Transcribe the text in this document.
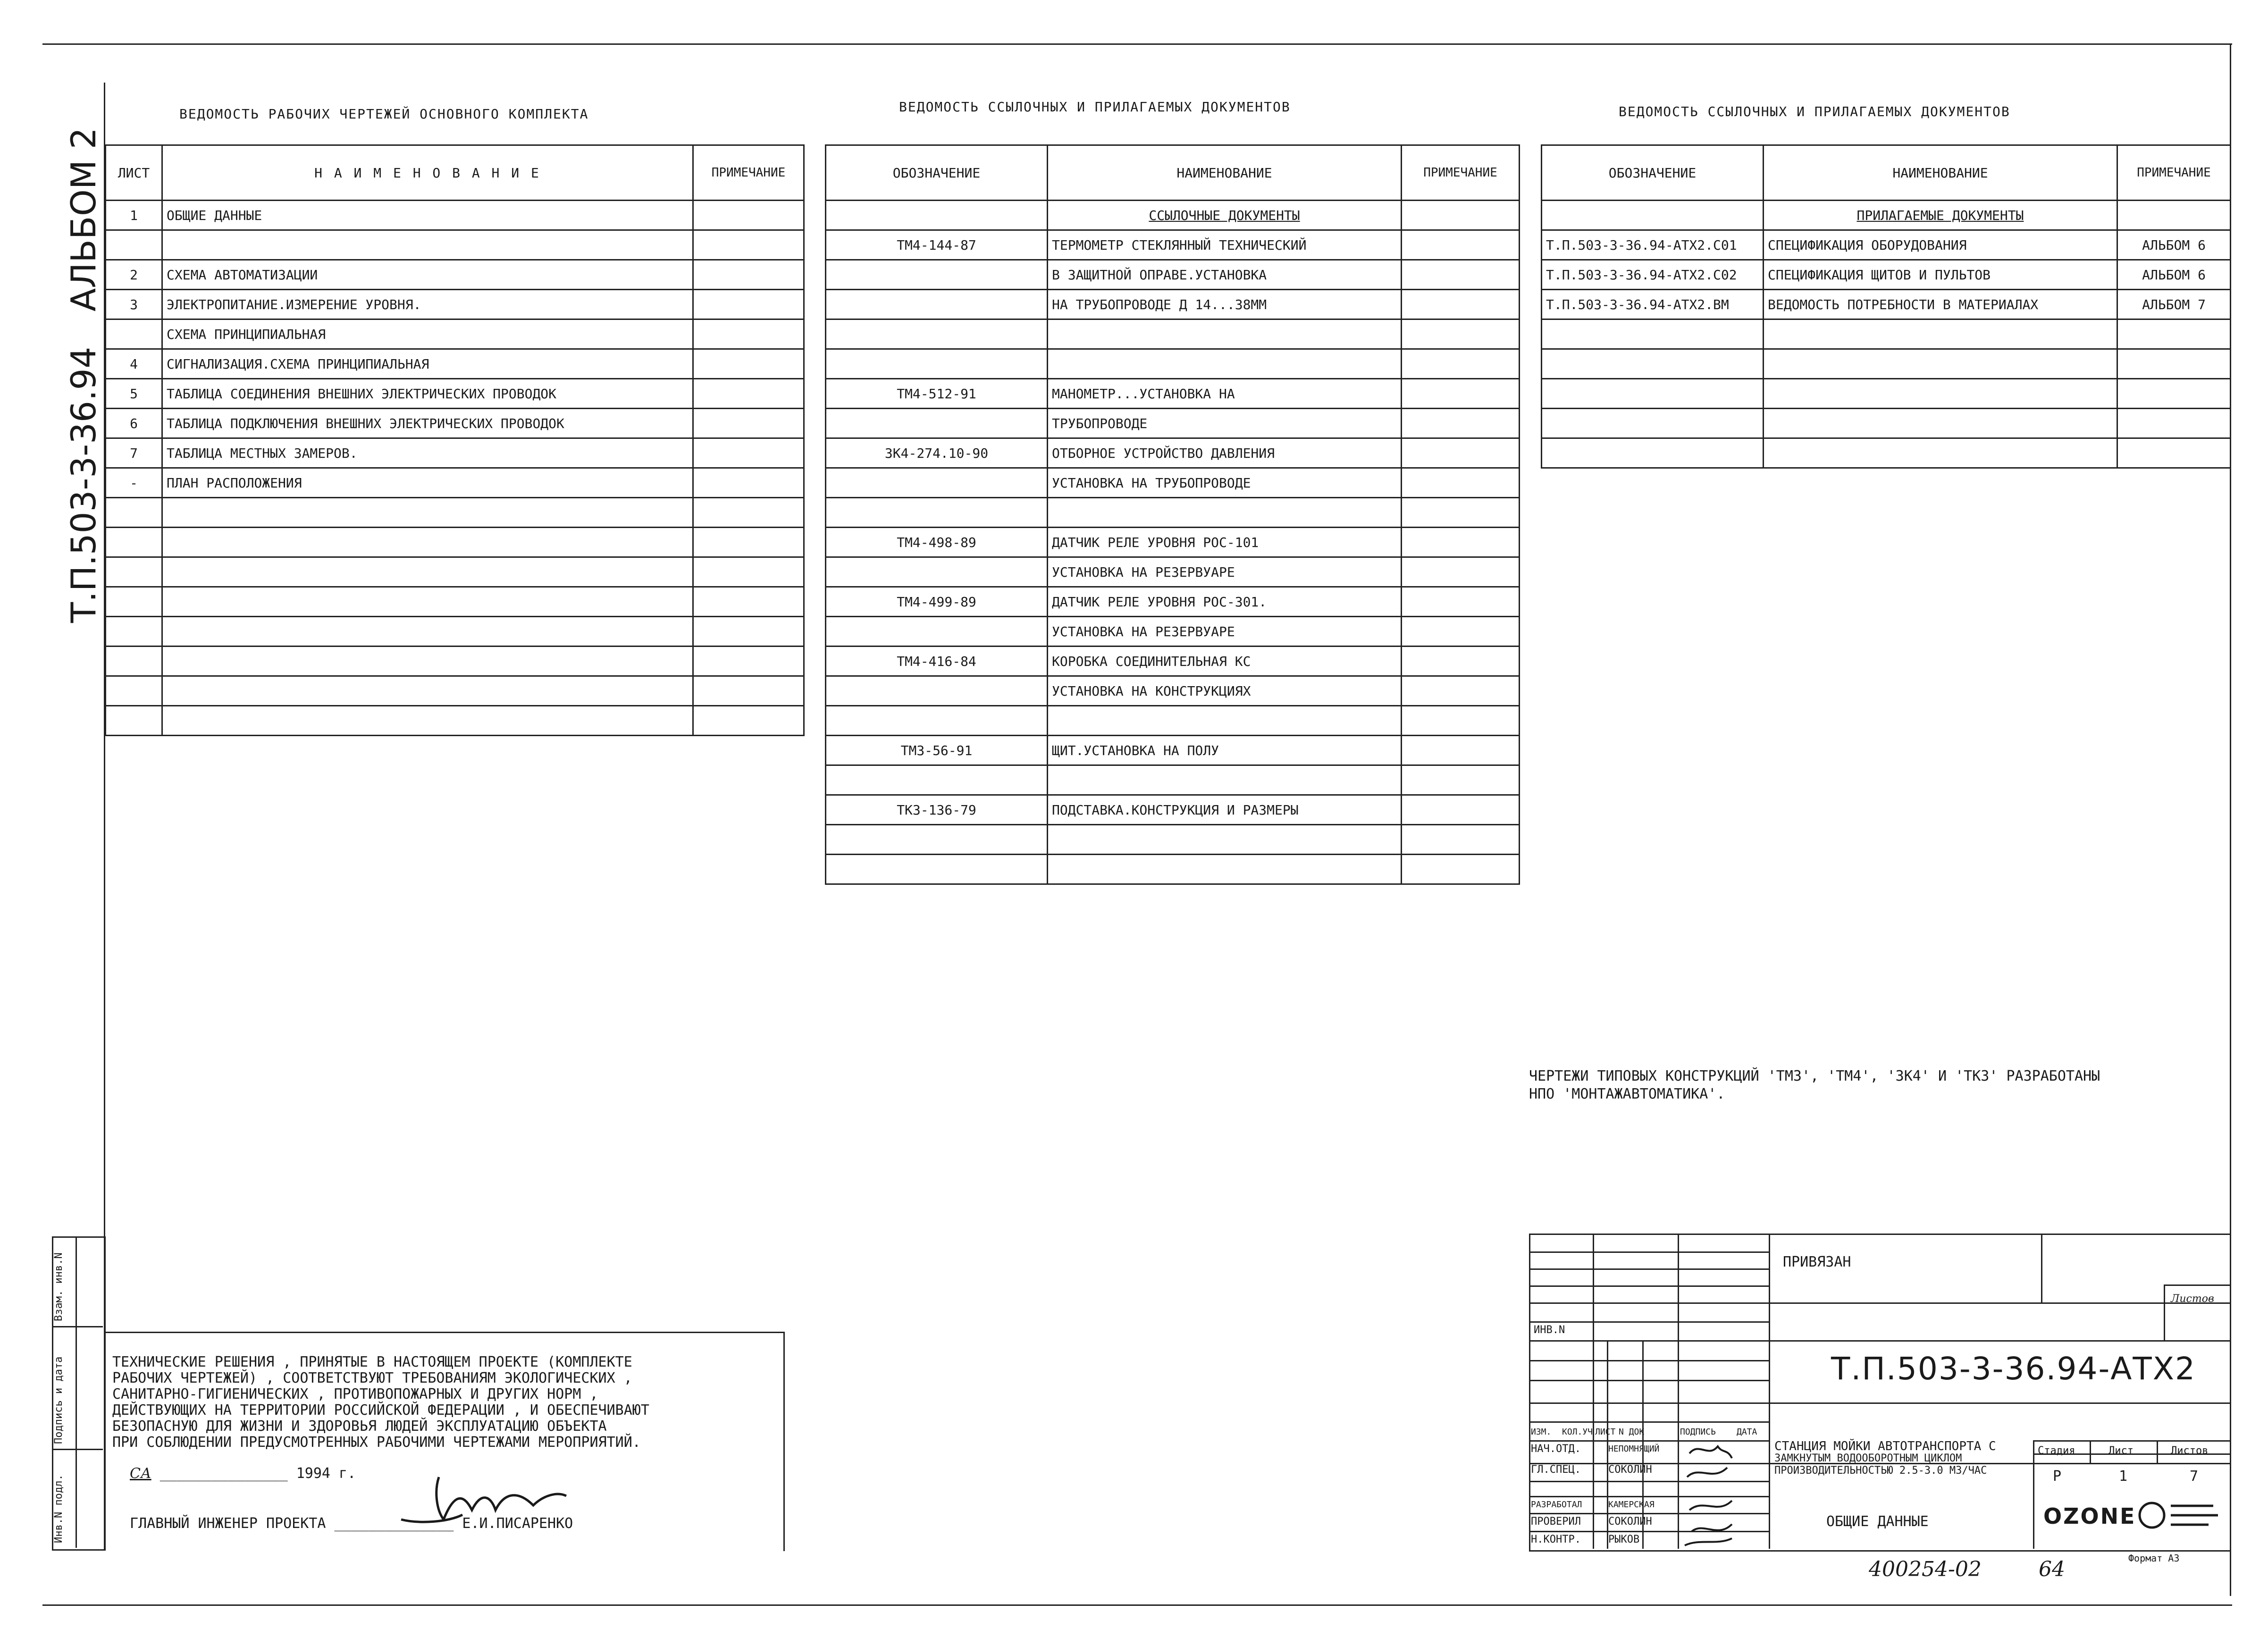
АЛЬБОМ 2
Т.П.503-3-36.94
Инв.N подл.
Подпись и дата
Взам. инв.N
ВЕДОМОСТЬ РАБОЧИХ ЧЕРТЕЖЕЙ ОСНОВНОГО КОМПЛЕКТА
ЛИСТ	Н А И М Е Н О В А Н И Е	ПРИМЕЧАНИЕ
1	ОБЩИЕ ДАННЫЕ	

2	СХЕМА АВТОМАТИЗАЦИИ	
3	ЭЛЕКТРОПИТАНИЕ.ИЗМЕРЕНИЕ УРОВНЯ.	
	СХЕМА ПРИНЦИПИАЛЬНАЯ	
4	СИГНАЛИЗАЦИЯ.СХЕМА ПРИНЦИПИАЛЬНАЯ	
5	ТАБЛИЦА СОЕДИНЕНИЯ ВНЕШНИХ ЭЛЕКТРИЧЕСКИХ ПРОВОДОК	
6	ТАБЛИЦА ПОДКЛЮЧЕНИЯ ВНЕШНИХ ЭЛЕКТРИЧЕСКИХ ПРОВОДОК	
7	ТАБЛИЦА МЕСТНЫХ ЗАМЕРОВ.	
-	ПЛАН РАСПОЛОЖЕНИЯ	

ВЕДОМОСТЬ ССЫЛОЧНЫХ И ПРИЛАГАЕМЫХ ДОКУМЕНТОВ
ОБОЗНАЧЕНИЕ	НАИМЕНОВАНИЕ	ПРИМЕЧАНИЕ
	ССЫЛОЧНЫЕ ДОКУМЕНТЫ	
ТМ4-144-87	ТЕРМОМЕТР СТЕКЛЯННЫЙ ТЕХНИЧЕСКИЙ	
	В ЗАЩИТНОЙ ОПРАВЕ.УСТАНОВКА	
	НА ТРУБОПРОВОДЕ Д 14...38ММ	

ТМ4-512-91	МАНОМЕТР...УСТАНОВКА НА	
	ТРУБОПРОВОДЕ	
ЗК4-274.10-90	ОТБОРНОЕ УСТРОЙСТВО ДАВЛЕНИЯ	
	УСТАНОВКА НА ТРУБОПРОВОДЕ	

ТМ4-498-89	ДАТЧИК РЕЛЕ УРОВНЯ РОС-101	
	УСТАНОВКА НА РЕЗЕРВУАРЕ	
ТМ4-499-89	ДАТЧИК РЕЛЕ УРОВНЯ РОС-301.	
	УСТАНОВКА НА РЕЗЕРВУАРЕ	
ТМ4-416-84	КОРОБКА СОЕДИНИТЕЛЬНАЯ КС	
	УСТАНОВКА НА КОНСТРУКЦИЯХ	

ТМ3-56-91	ЩИТ.УСТАНОВКА НА ПОЛУ	

ТК3-136-79	ПОДСТАВКА.КОНСТРУКЦИЯ И РАЗМЕРЫ	

ВЕДОМОСТЬ ССЫЛОЧНЫХ И ПРИЛАГАЕМЫХ ДОКУМЕНТОВ
ОБОЗНАЧЕНИЕ	НАИМЕНОВАНИЕ	ПРИМЕЧАНИЕ
	ПРИЛАГАЕМЫЕ ДОКУМЕНТЫ	
Т.П.503-3-36.94-АТХ2.С01	СПЕЦИФИКАЦИЯ ОБОРУДОВАНИЯ	АЛЬБОМ 6
Т.П.503-3-36.94-АТХ2.С02	СПЕЦИФИКАЦИЯ ЩИТОВ И ПУЛЬТОВ	АЛЬБОМ 6
Т.П.503-3-36.94-АТХ2.ВМ	ВЕДОМОСТЬ ПОТРЕБНОСТИ В МАТЕРИАЛАХ	АЛЬБОМ 7

ЧЕРТЕЖИ ТИПОВЫХ КОНСТРУКЦИЙ 'ТМ3', 'ТМ4', 'ЗК4' И 'ТК3' РАЗРАБОТАНЫ
НПО 'МОНТАЖАВТОМАТИКА'.
ТЕХНИЧЕСКИЕ РЕШЕНИЯ , ПРИНЯТЫЕ В НАСТОЯЩЕМ ПРОЕКТЕ (КОМПЛЕКТЕ
РАБОЧИХ ЧЕРТЕЖЕЙ) , СООТВЕТСТВУЮТ ТРЕБОВАНИЯМ ЭКОЛОГИЧЕСКИХ ,
САНИТАРНО-ГИГИЕНИЧЕСКИХ , ПРОТИВОПОЖАРНЫХ И ДРУГИХ НОРМ ,
ДЕЙСТВУЮЩИХ НА ТЕРРИТОРИИ РОССИЙСКОЙ ФЕДЕРАЦИИ , И ОБЕСПЕЧИВАЮТ
БЕЗОПАСНУЮ ДЛЯ ЖИЗНИ И ЗДОРОВЬЯ ЛЮДЕЙ ЭКСПЛУАТАЦИЮ ОБЪЕКТА
ПРИ СОБЛЮДЕНИИ ПРЕДУСМОТРЕННЫХ РАБОЧИМИ ЧЕРТЕЖАМИ МЕРОПРИЯТИЙ.
СА _______________ 1994 г.
ГЛАВНЫЙ ИНЖЕНЕР ПРОЕКТА ______________ Е.И.ПИСАРЕНКО
ИНВ.N
ИЗМ. КОЛ.УЧ ЛИСТ N ДОК	ПОДПИСЬ ДАТА
НАЧ.ОТД.	НЕПОМНЯЩИЙ
ГЛ.СПЕЦ.	СОКОЛИН
РАЗРАБОТАЛ	КАМЕРСКАЯ
ПРОВЕРИЛ	СОКОЛИН
Н.КОНТР.	РЫКОВ
ПРИВЯЗАН
Листов
Т.П.503-3-36.94-АТХ2
СТАНЦИЯ МОЙКИ АВТОТРАНСПОРТА С
ЗАМКНУТЫМ ВОДООБОРОТНЫМ ЦИКЛОМ
ПРОИЗВОДИТЕЛЬНОСТЬЮ 2.5-3.0 М3/ЧАС
Стадия	Лист	Листов
Р	1	7
ОБЩИЕ ДАННЫЕ	OZONE
400254-02	64	Формат А3
